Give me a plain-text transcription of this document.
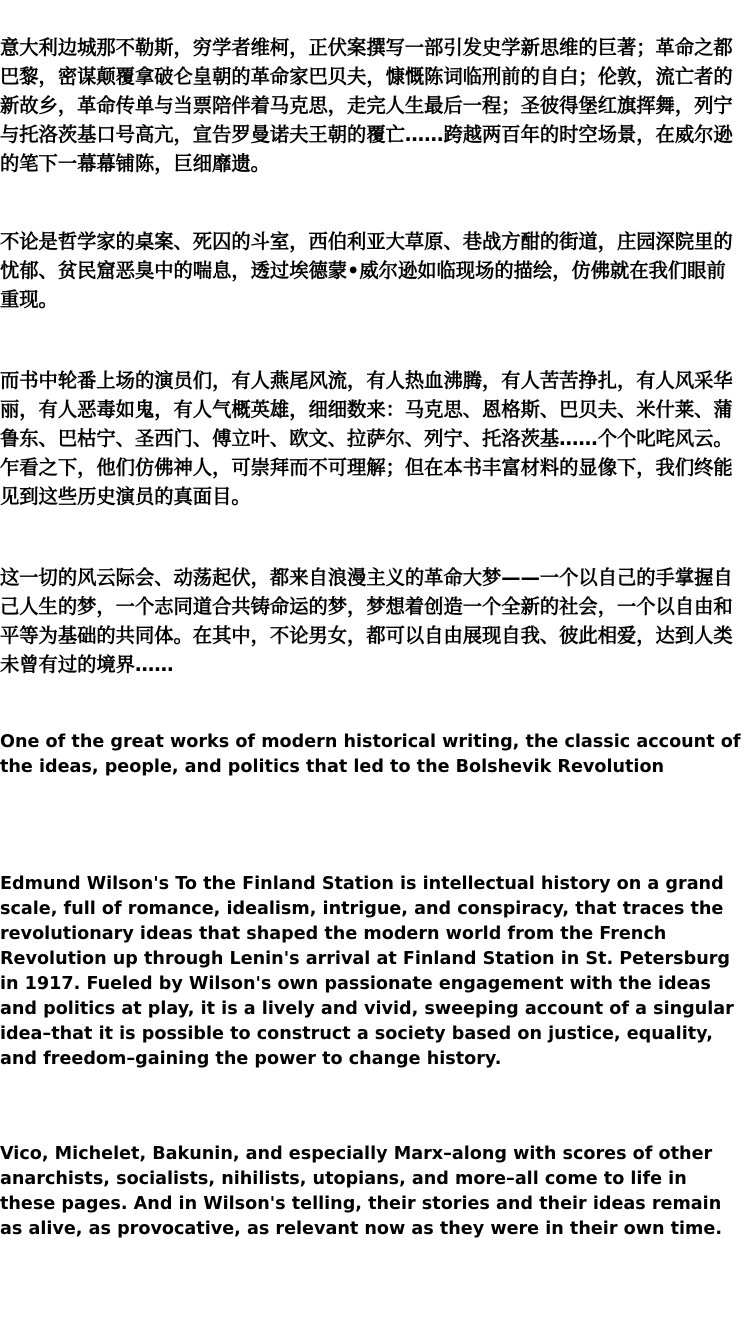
意大利边城那不勒斯，穷学者维柯，正伏案撰写一部引发史学新思维的巨著；革命之都巴黎，密谋颠覆拿破仑皇朝的革命家巴贝夫，慷慨陈词临刑前的自白；伦敦，流亡者的新故乡，革命传单与当票陪伴着马克思，走完人生最后一程；圣彼得堡红旗挥舞，列宁与托洛茨基口号高亢，宣告罗曼诺夫王朝的覆亡……跨越两百年的时空场景，在威尔逊的笔下一幕幕铺陈，巨细靡遗。

不论是哲学家的桌案、死囚的斗室，西伯利亚大草原、巷战方酣的街道，庄园深院里的忧郁、贫民窟恶臭中的喘息，透过埃德蒙•威尔逊如临现场的描绘，仿佛就在我们眼前重现。

而书中轮番上场的演员们，有人燕尾风流，有人热血沸腾，有人苦苦挣扎，有人风采华丽，有人恶毒如鬼，有人气概英雄，细细数来：马克思、恩格斯、巴贝夫、米什莱、蒲鲁东、巴枯宁、圣西门、傅立叶、欧文、拉萨尔、列宁、托洛茨基……个个叱咤风云。乍看之下，他们仿佛神人，可崇拜而不可理解；但在本书丰富材料的显像下，我们终能见到这些历史演员的真面目。

这一切的风云际会、动荡起伏，都来自浪漫主义的革命大梦——一个以自己的手掌握自己人生的梦，一个志同道合共铸命运的梦，梦想着创造一个全新的社会，一个以自由和平等为基础的共同体。在其中，不论男女，都可以自由展现自我、彼此相爱，达到人类未曾有过的境界……

One of the great works of modern historical writing, the classic account of the ideas, people, and politics that led to the Bolshevik Revolution

Edmund Wilson's To the Finland Station is intellectual history on a grand scale, full of romance, idealism, intrigue, and conspiracy, that traces the revolutionary ideas that shaped the modern world from the French Revolution up through Lenin's arrival at Finland Station in St. Petersburg in 1917. Fueled by Wilson's own passionate engagement with the ideas and politics at play, it is a lively and vivid, sweeping account of a singular idea–that it is possible to construct a society based on justice, equality, and freedom–gaining the power to change history.

Vico, Michelet, Bakunin, and especially Marx–along with scores of other anarchists, socialists, nihilists, utopians, and more–all come to life in these pages. And in Wilson's telling, their stories and their ideas remain as alive, as provocative, as relevant now as they were in their own time.
